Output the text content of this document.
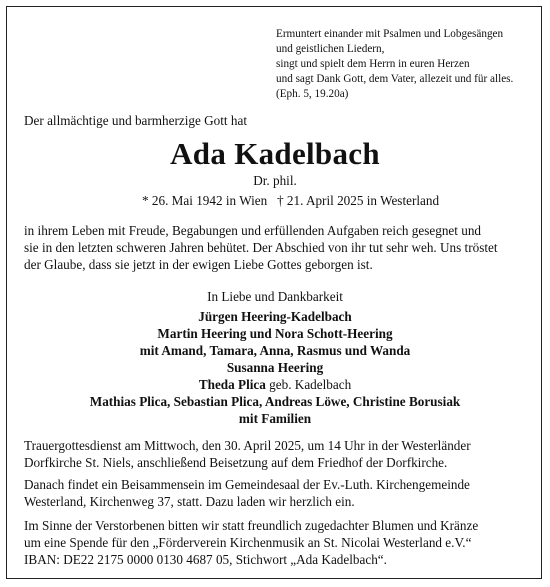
Ermuntert einander mit Psalmen und Lobgesängen
und geistlichen Liedern,
singt und spielt dem Herrn in euren Herzen
und sagt Dank Gott, dem Vater, allezeit und für alles.
(Eph. 5, 19.20a)
Der allmächtige und barmherzige Gott hat
Ada Kadelbach
Dr. phil.
* 26. Mai 1942 in Wien † 21. April 2025 in Westerland
in ihrem Leben mit Freude, Begabungen und erfüllenden Aufgaben reich gesegnet und
sie in den letzten schweren Jahren behütet. Der Abschied von ihr tut sehr weh. Uns tröstet
der Glaube, dass sie jetzt in der ewigen Liebe Gottes geborgen ist.
In Liebe und Dankbarkeit
Jürgen Heering-Kadelbach
Martin Heering und Nora Schott-Heering
mit Amand, Tamara, Anna, Rasmus und Wanda
Susanna Heering
Theda Plica geb. Kadelbach
Mathias Plica, Sebastian Plica, Andreas Löwe, Christine Borusiak
mit Familien
Trauergottesdienst am Mittwoch, den 30. April 2025, um 14 Uhr in der Westerländer
Dorfkirche St. Niels, anschließend Beisetzung auf dem Friedhof der Dorfkirche.
Danach findet ein Beisammensein im Gemeindesaal der Ev.-Luth. Kirchengemeinde
Westerland, Kirchenweg 37, statt. Dazu laden wir herzlich ein.
Im Sinne der Verstorbenen bitten wir statt freundlich zugedachter Blumen und Kränze
um eine Spende für den „Förderverein Kirchenmusik an St. Nicolai Westerland e.V.“
IBAN: DE22 2175 0000 0130 4687 05, Stichwort „Ada Kadelbach“.
